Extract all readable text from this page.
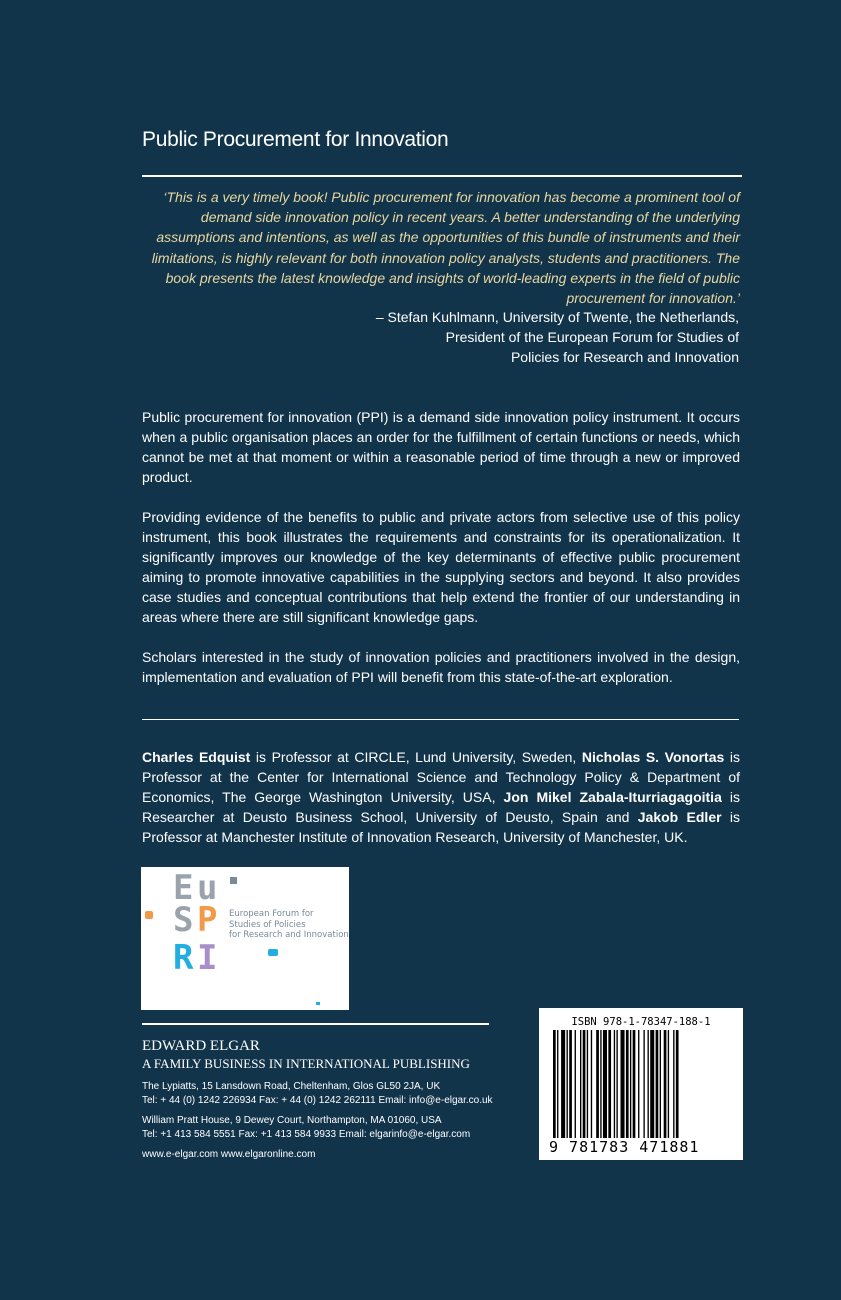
Public Procurement for Innovation
‘This is a very timely book! Public procurement for innovation has become a prominent tool of demand side innovation policy in recent years. A better understanding of the underlying assumptions and intentions, as well as the opportunities of this bundle of instruments and their limitations, is highly relevant for both innovation policy analysts, students and practitioners. The book presents the latest knowledge and insights of world-leading experts in the field of public procurement for innovation.’
– Stefan Kuhlmann, University of Twente, the Netherlands,
President of the European Forum for Studies of
Policies for Research and Innovation
Public procurement for innovation (PPI) is a demand side innovation policy instrument. It occurs when a public organisation places an order for the fulfillment of certain functions or needs, which cannot be met at that moment or within a reasonable period of time through a new or improved product.
Providing evidence of the benefits to public and private actors from selective use of this policy instrument, this book illustrates the requirements and constraints for its operationalization. It significantly improves our knowledge of the key determinants of effective public procurement aiming to promote innovative capabilities in the supplying sectors and beyond. It also provides case studies and conceptual contributions that help extend the frontier of our understanding in areas where there are still significant knowledge gaps.
Scholars interested in the study of innovation policies and practitioners involved in the design, implementation and evaluation of PPI will benefit from this state-of-the-art exploration.
Charles Edquist is Professor at CIRCLE, Lund University, Sweden, Nicholas S. Vonortas is Professor at the Center for International Science and Technology Policy & Department of Economics, The George Washington University, USA, Jon Mikel Zabala-Iturriagagoitia is Researcher at Deusto Business School, University of Deusto, Spain and Jakob Edler is Professor at Manchester Institute of Innovation Research, University of Manchester, UK.
E u
S P
R I
European Forum for
Studies of Policies
for Research and Innovation
EDWARD ELGAR
A FAMILY BUSINESS IN INTERNATIONAL PUBLISHING
The Lypiatts, 15 Lansdown Road, Cheltenham, Glos GL50 2JA, UK
Tel: + 44 (0) 1242 226934 Fax: + 44 (0) 1242 262111 Email: info@e-elgar.co.uk
William Pratt House, 9 Dewey Court, Northampton, MA 01060, USA
Tel: +1 413 584 5551 Fax: +1 413 584 9933 Email: elgarinfo@e-elgar.com
www.e-elgar.com www.elgaronline.com
ISBN 978-1-78347-188-1
9 781783 471881
